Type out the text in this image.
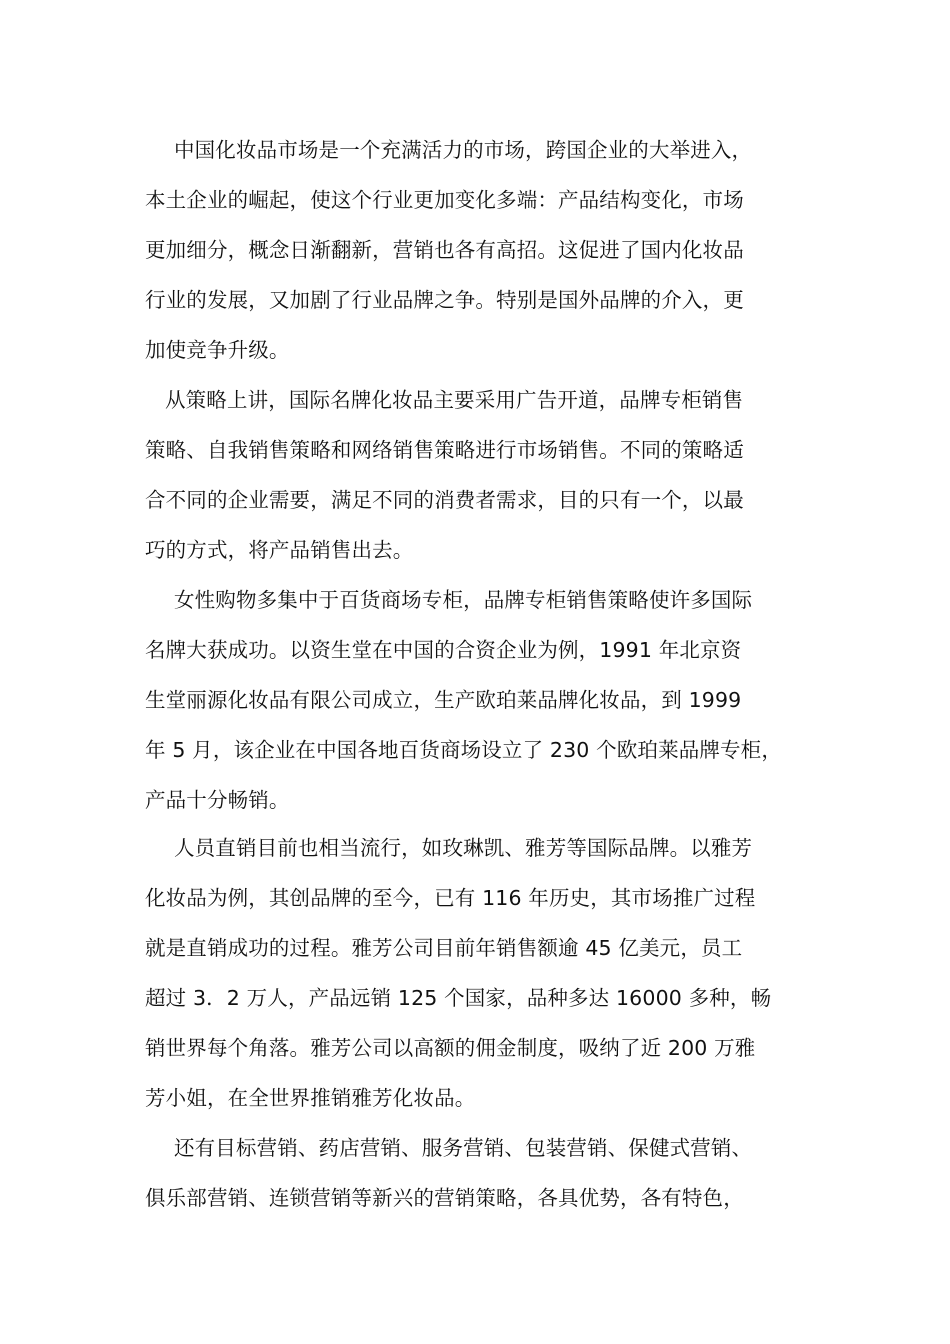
中国化妆品市场是一个充满活力的市场，跨国企业的大举进入，
本土企业的崛起，使这个行业更加变化多端：产品结构变化，市场
更加细分，概念日渐翻新，营销也各有高招。这促进了国内化妆品
行业的发展，又加剧了行业品牌之争。特别是国外品牌的介入，更
加使竞争升级。
从策略上讲，国际名牌化妆品主要采用广告开道，品牌专柜销售
策略、自我销售策略和网络销售策略进行市场销售。不同的策略适
合不同的企业需要，满足不同的消费者需求，目的只有一个，以最
巧的方式，将产品销售出去。
女性购物多集中于百货商场专柜，品牌专柜销售策略使许多国际
名牌大获成功。以资生堂在中国的合资企业为例，1991 年北京资
生堂丽源化妆品有限公司成立，生产欧珀莱品牌化妆品，到 1999
年 5 月，该企业在中国各地百货商场设立了 230 个欧珀莱品牌专柜，
产品十分畅销。
人员直销目前也相当流行，如玫琳凯、雅芳等国际品牌。以雅芳
化妆品为例，其创品牌的至今，已有 116 年历史，其市场推广过程
就是直销成功的过程。雅芳公司目前年销售额逾 45 亿美元，员工
超过 3．2 万人，产品远销 125 个国家，品种多达 16000 多种，畅
销世界每个角落。雅芳公司以高额的佣金制度，吸纳了近 200 万雅
芳小姐，在全世界推销雅芳化妆品。
还有目标营销、药店营销、服务营销、包装营销、保健式营销、
俱乐部营销、连锁营销等新兴的营销策略，各具优势，各有特色，
